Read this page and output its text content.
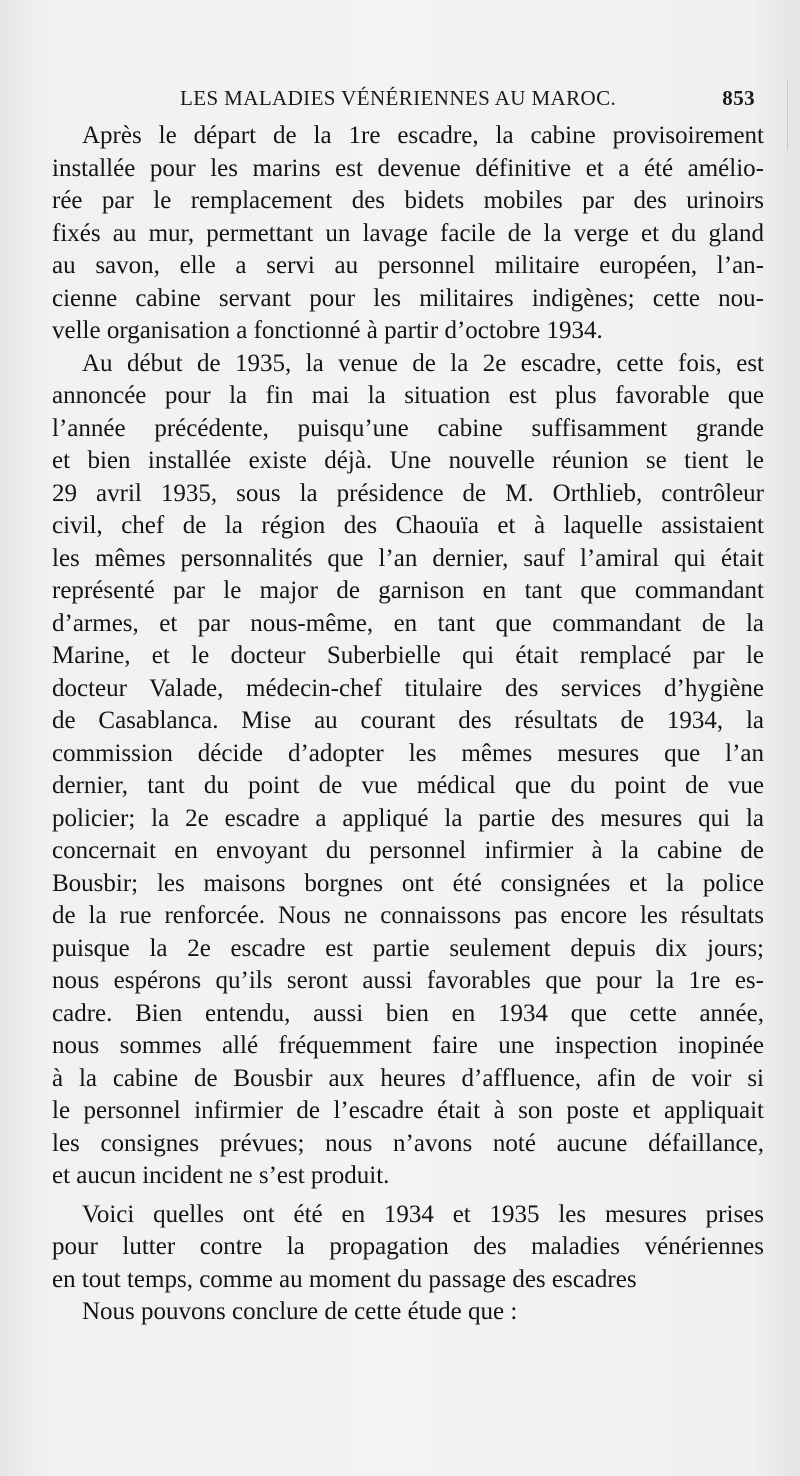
LES MALADIES VÉNÉRIENNES AU MAROC.	853
Après le départ de la 1re escadre, la cabine provisoirement
installée pour les marins est devenue définitive et a été amélio-
rée par le remplacement des bidets mobiles par des urinoirs
fixés au mur, permettant un lavage facile de la verge et du gland
au savon, elle a servi au personnel militaire européen, l’an-
cienne cabine servant pour les militaires indigènes; cette nou-
velle organisation a fonctionné à partir d’octobre 1934.
Au début de 1935, la venue de la 2e escadre, cette fois, est
annoncée pour la fin mai la situation est plus favorable que
l’année précédente, puisqu’une cabine suffisamment grande
et bien installée existe déjà. Une nouvelle réunion se tient le
29 avril 1935, sous la présidence de M. Orthlieb, contrôleur
civil, chef de la région des Chaouïa et à laquelle assistaient
les mêmes personnalités que l’an dernier, sauf l’amiral qui était
représenté par le major de garnison en tant que commandant
d’armes, et par nous-même, en tant que commandant de la
Marine, et le docteur Suberbielle qui était remplacé par le
docteur Valade, médecin-chef titulaire des services d’hygiène
de Casablanca. Mise au courant des résultats de 1934, la
commission décide d’adopter les mêmes mesures que l’an
dernier, tant du point de vue médical que du point de vue
policier; la 2e escadre a appliqué la partie des mesures qui la
concernait en envoyant du personnel infirmier à la cabine de
Bousbir; les maisons borgnes ont été consignées et la police
de la rue renforcée. Nous ne connaissons pas encore les résultats
puisque la 2e escadre est partie seulement depuis dix jours;
nous espérons qu’ils seront aussi favorables que pour la 1re es-
cadre. Bien entendu, aussi bien en 1934 que cette année,
nous sommes allé fréquemment faire une inspection inopinée
à la cabine de Bousbir aux heures d’affluence, afin de voir si
le personnel infirmier de l’escadre était à son poste et appliquait
les consignes prévues; nous n’avons noté aucune défaillance,
et aucun incident ne s’est produit.
Voici quelles ont été en 1934 et 1935 les mesures prises
pour lutter contre la propagation des maladies vénériennes
en tout temps, comme au moment du passage des escadres
Nous pouvons conclure de cette étude que :
